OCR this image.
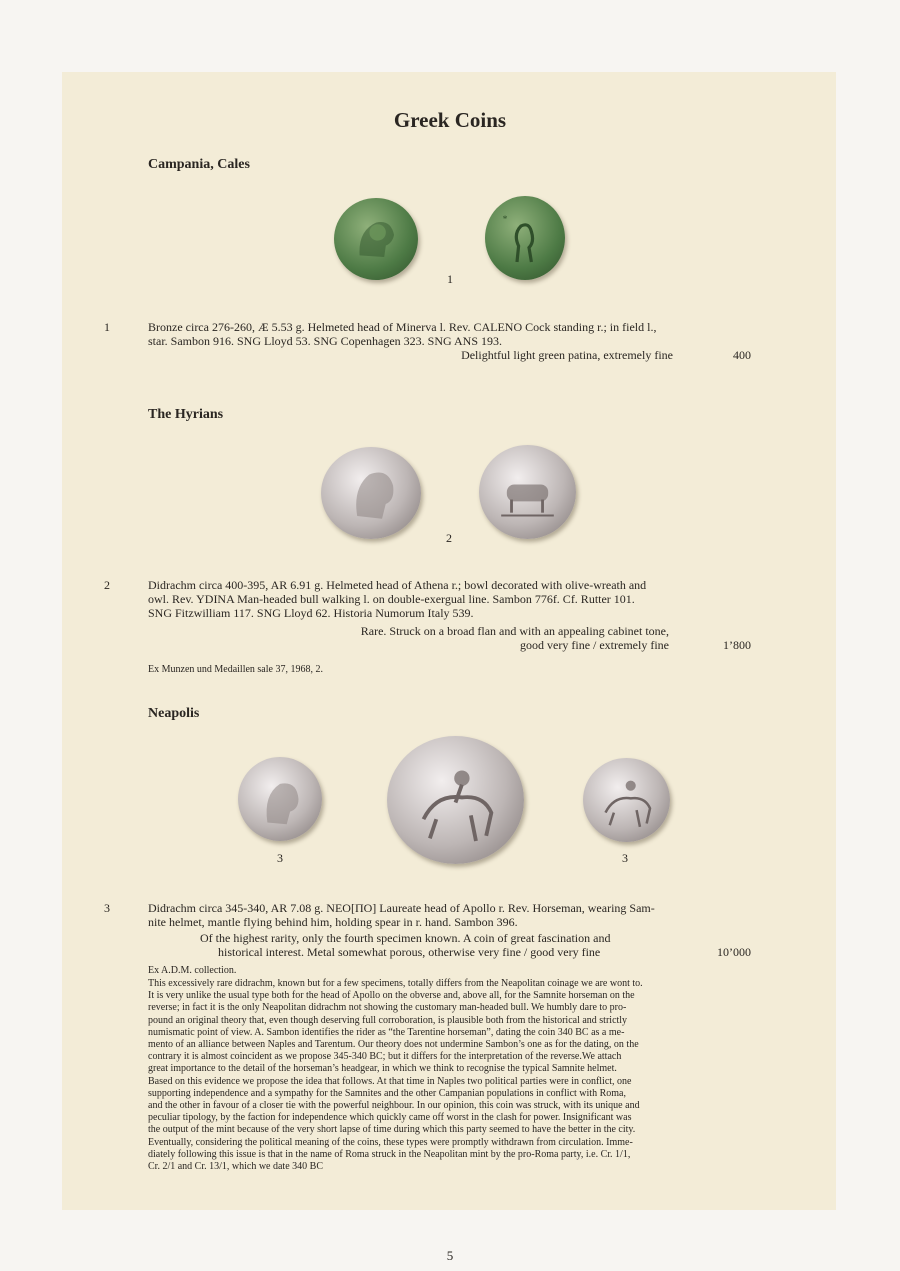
Greek Coins
Campania, Cales
*
1
1	Bronze circa 276-260, Æ 5.53 g. Helmeted head of Minerva l. Rev. CALENO Cock standing r.; in field l.,
star. Sambon 916. SNG Lloyd 53. SNG Copenhagen 323. SNG ANS 193.
Delightful light green patina, extremely fine	400
The Hyrians
2
2	Didrachm circa 400-395, AR 6.91 g. Helmeted head of Athena r.; bowl decorated with olive-wreath and
owl. Rev. YDINA Man-headed bull walking l. on double-exergual line. Sambon 776f. Cf. Rutter 101.
SNG Fitzwilliam 117. SNG Lloyd 62. Historia Numorum Italy 539.
Rare. Struck on a broad flan and with an appealing cabinet tone,
good very fine / extremely fine	1’800
Ex Munzen und Medaillen sale 37, 1968, 2.
Neapolis
3	3
3	Didrachm circa 345-340, AR 7.08 g. NEO[ΠO] Laureate head of Apollo r. Rev. Horseman, wearing Sam-
nite helmet, mantle flying behind him, holding spear in r. hand. Sambon 396.
Of the highest rarity, only the fourth specimen known. A coin of great fascination and
historical interest. Metal somewhat porous, otherwise very fine / good very fine	10’000
Ex A.D.M. collection.
This excessively rare didrachm, known but for a few specimens, totally differs from the Neapolitan coinage we are wont to.
It is very unlike the usual type both for the head of Apollo on the obverse and, above all, for the Samnite horseman on the
reverse; in fact it is the only Neapolitan didrachm not showing the customary man-headed bull. We humbly dare to pro-
pound an original theory that, even though deserving full corroboration, is plausible both from the historical and strictly
numismatic point of view. A. Sambon identifies the rider as “the Tarentine horseman”, dating the coin 340 BC as a me-
mento of an alliance between Naples and Tarentum. Our theory does not undermine Sambon’s one as for the dating, on the
contrary it is almost coincident as we propose 345-340 BC; but it differs for the interpretation of the reverse.We attach
great importance to the detail of the horseman’s headgear, in which we think to recognise the typical Samnite helmet.
Based on this evidence we propose the idea that follows. At that time in Naples two political parties were in conflict, one
supporting independence and a sympathy for the Samnites and the other Campanian populations in conflict with Roma,
and the other in favour of a closer tie with the powerful neighbour. In our opinion, this coin was struck, with its unique and
peculiar tipology, by the faction for independence which quickly came off worst in the clash for power. Insignificant was
the output of the mint because of the very short lapse of time during which this party seemed to have the better in the city.
Eventually, considering the political meaning of the coins, these types were promptly withdrawn from circulation. Imme-
diately following this issue is that in the name of Roma struck in the Neapolitan mint by the pro-Roma party, i.e. Cr. 1/1,
Cr. 2/1 and Cr. 13/1, which we date 340 BC
5
